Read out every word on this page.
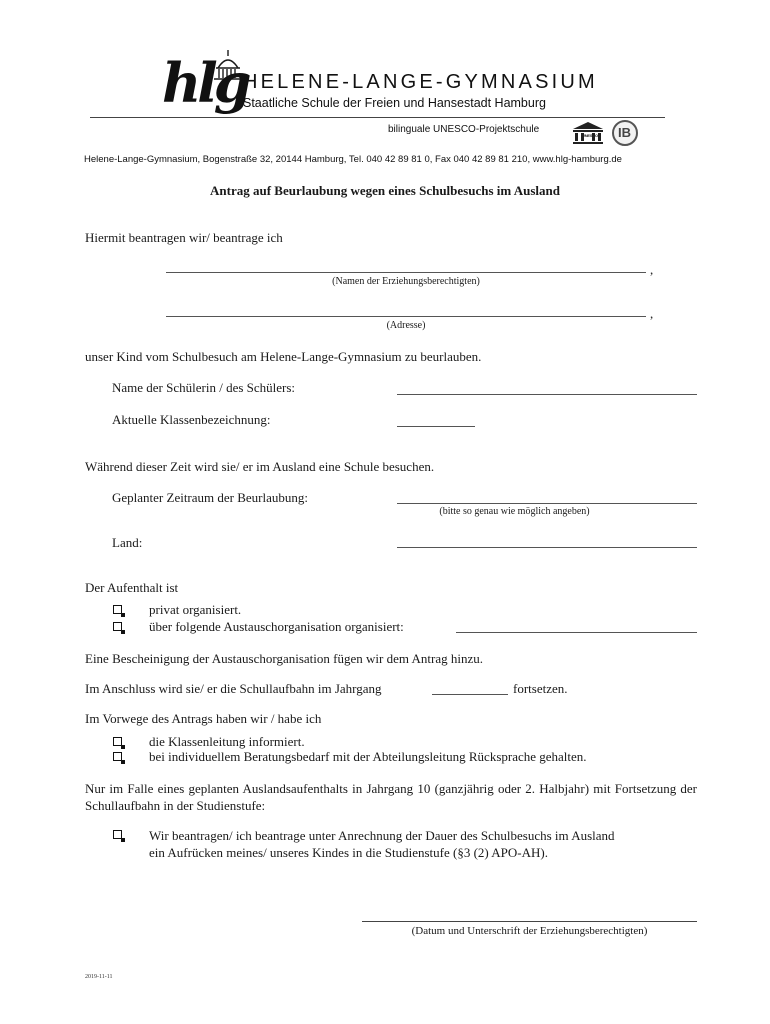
hlg
HELENE-LANGE-GYMNASIUM
Staatliche Schule der Freien und Hansestadt Hamburg
bilinguale UNESCO-Projektschule
UNESCO IB
Helene-Lange-Gymnasium, Bogenstraße 32, 20144 Hamburg, Tel. 040 42 89 81 0, Fax 040 42 89 81 210, www.hlg-hamburg.de
Antrag auf Beurlaubung wegen eines Schulbesuchs im Ausland
Hiermit beantragen wir/ beantrage ich
,
(Namen der Erziehungsberechtigten)
,
(Adresse)
unser Kind vom Schulbesuch am Helene-Lange-Gymnasium zu beurlauben.
Name der Schülerin / des Schülers:
Aktuelle Klassenbezeichnung:
Während dieser Zeit wird sie/ er im Ausland eine Schule besuchen.
Geplanter Zeitraum der Beurlaubung:
(bitte so genau wie möglich angeben)
Land:
Der Aufenthalt ist
privat organisiert.
über folgende Austauschorganisation organisiert:
Eine Bescheinigung der Austauschorganisation fügen wir dem Antrag hinzu.
Im Anschluss wird sie/ er die Schullaufbahn im Jahrgang	fortsetzen.
Im Vorwege des Antrags haben wir / habe ich
die Klassenleitung informiert.
bei individuellem Beratungsbedarf mit der Abteilungsleitung Rücksprache gehalten.
Nur im Falle eines geplanten Auslandsaufenthalts in Jahrgang 10 (ganzjährig oder 2. Halbjahr) mit Fortsetzung der Schullaufbahn in der Studienstufe:
Wir beantragen/ ich beantrage unter Anrechnung der Dauer des Schulbesuchs im Ausland
ein Aufrücken meines/ unseres Kindes in die Studienstufe (§3 (2) APO-AH).
(Datum und Unterschrift der Erziehungsberechtigten)
2019-11-11
